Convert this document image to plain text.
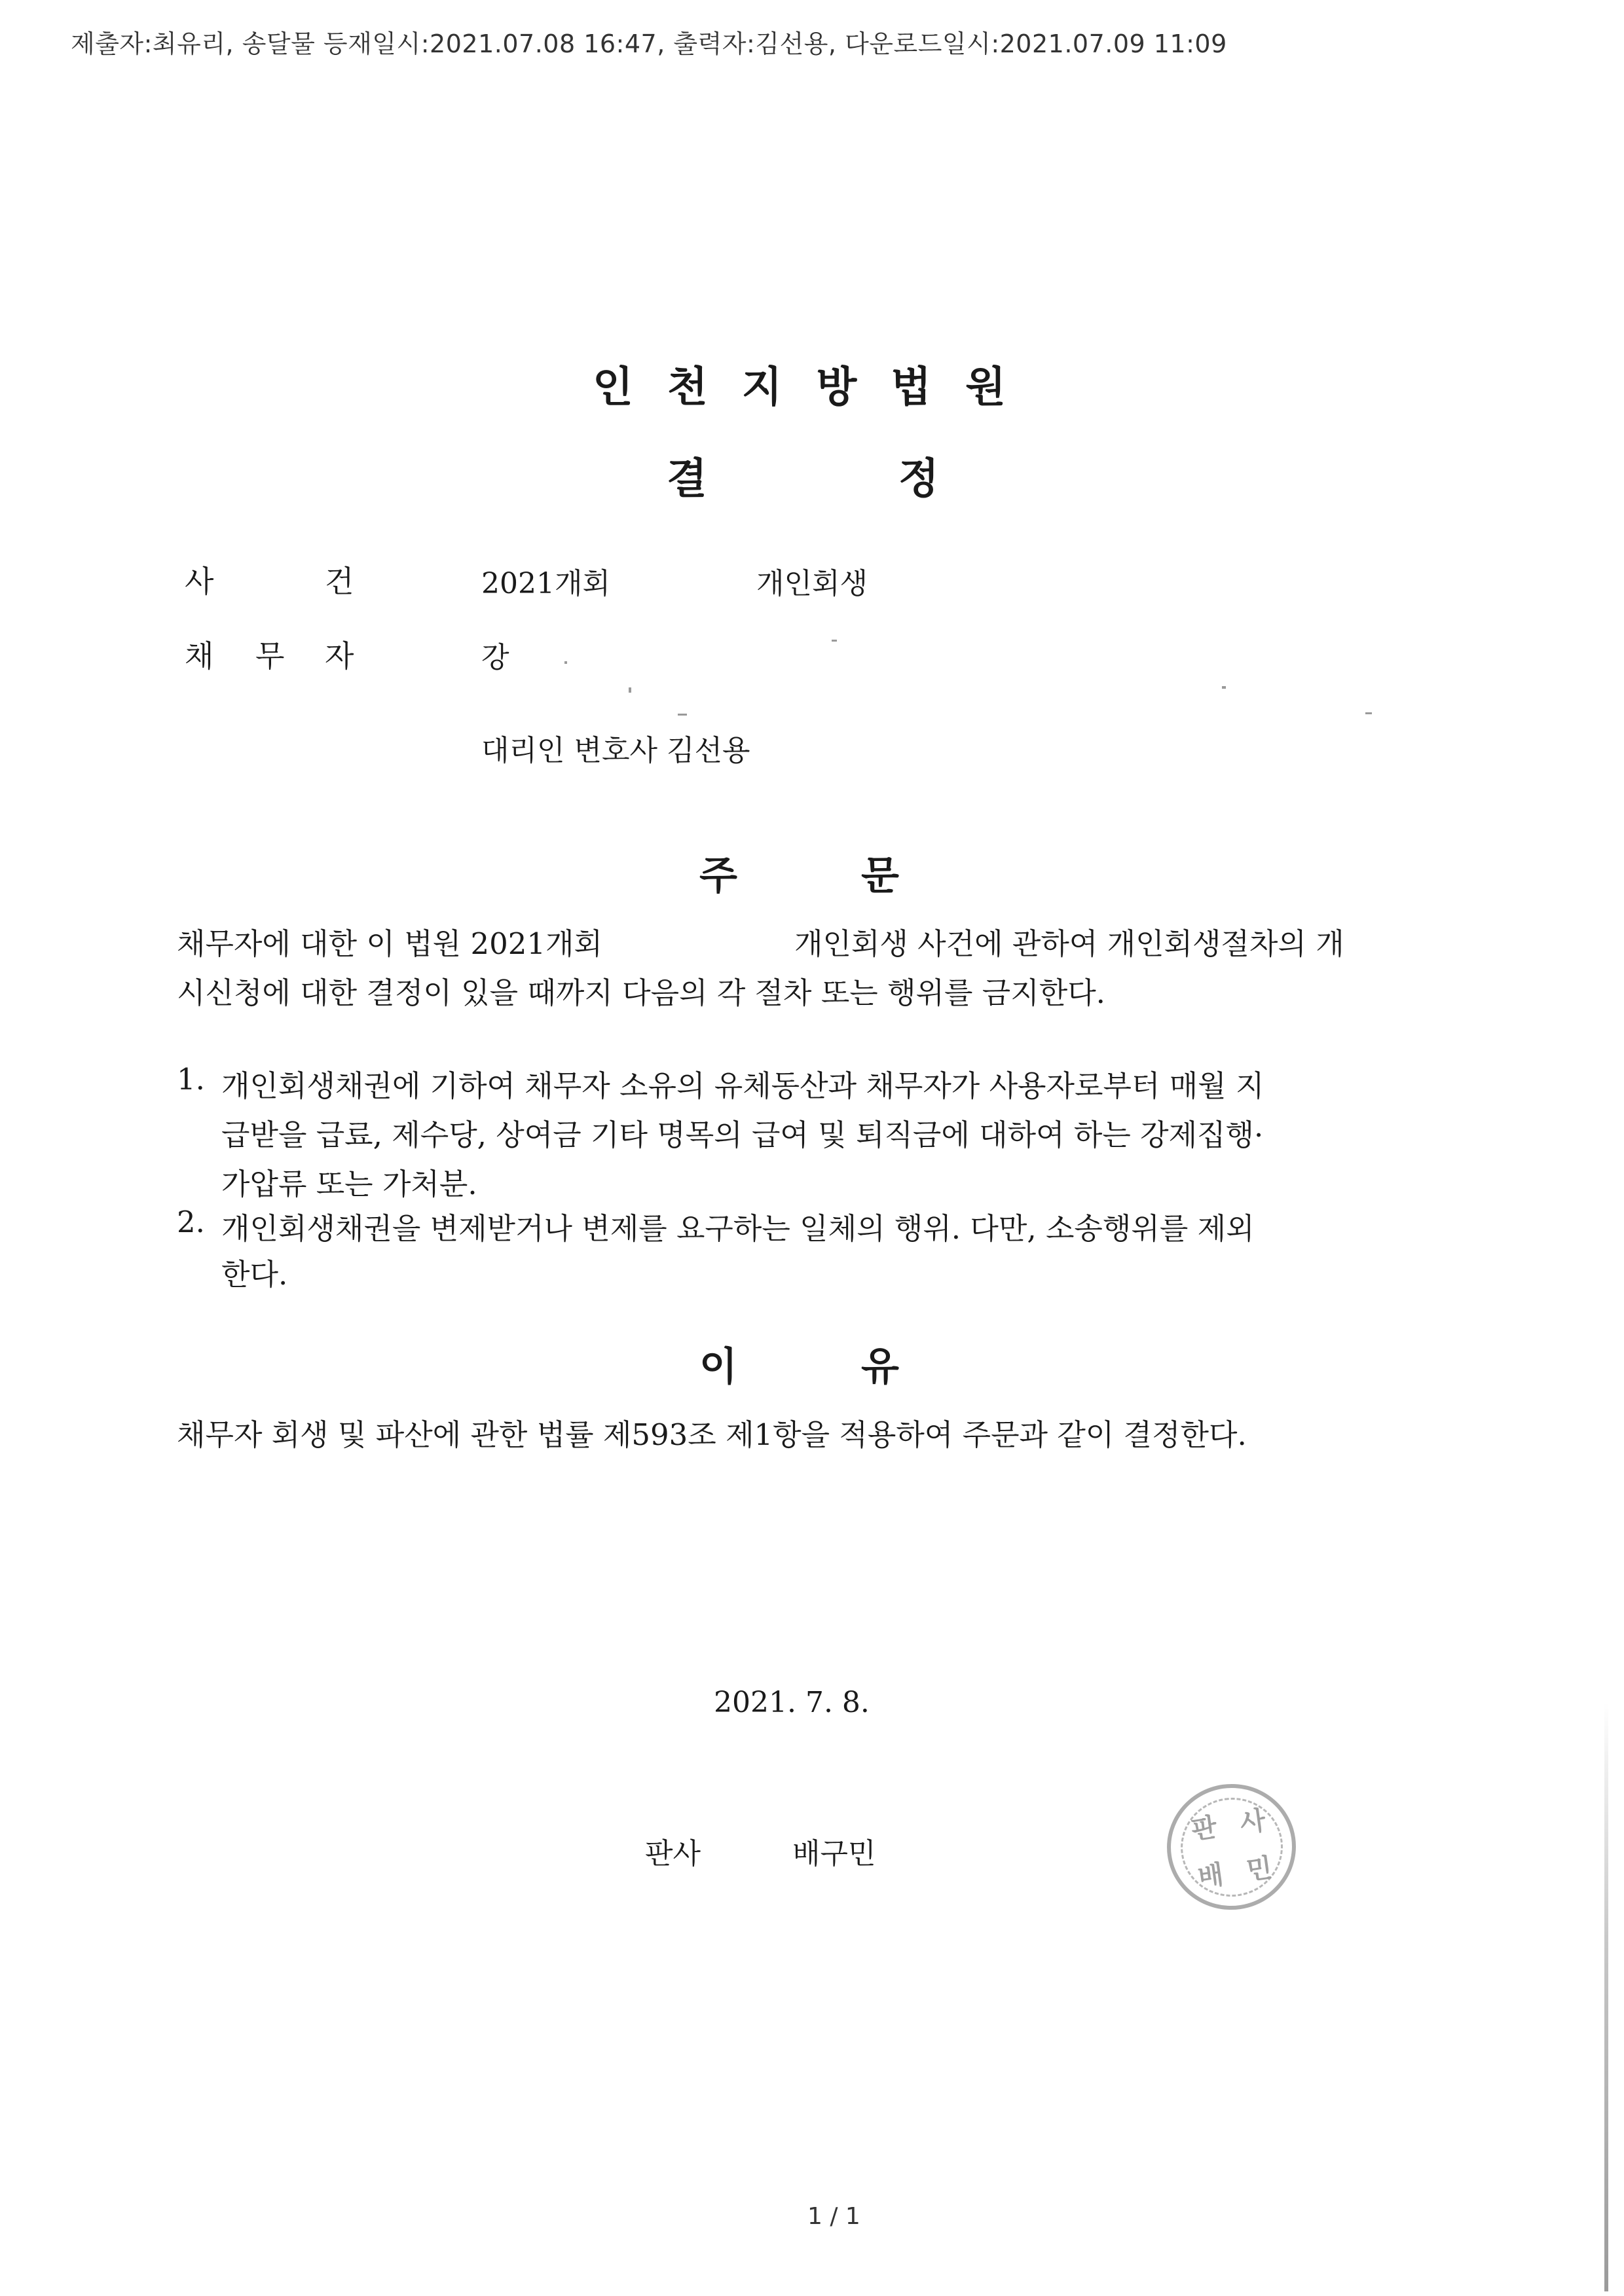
제출자:최유리, 송달물 등재일시:2021.07.08 16:47, 출력자:김선용, 다운로드일시:2021.07.09 11:09
인천지방법원
결	정
사	건	2021개회	개인회생
채 무 자	강
대리인 변호사 김선용
주	문
채무자에 대한 이 법원 2021개회	개인회생 사건에 관하여 개인회생절차의 개
시신청에 대한 결정이 있을 때까지 다음의 각 절차 또는 행위를 금지한다.
1. 개인회생채권에 기하여 채무자 소유의 유체동산과 채무자가 사용자로부터 매월 지
급받을 급료, 제수당, 상여금 기타 명목의 급여 및 퇴직금에 대하여 하는 강제집행·
가압류 또는 가처분.
2. 개인회생채권을 변제받거나 변제를 요구하는 일체의 행위. 다만, 소송행위를 제외
한다.
이	유
채무자 회생 및 파산에 관한 법률 제593조 제1항을 적용하여 주문과 같이 결정한다.
2021. 7. 8.
판사	배구민
판 사
배 민
1 / 1
